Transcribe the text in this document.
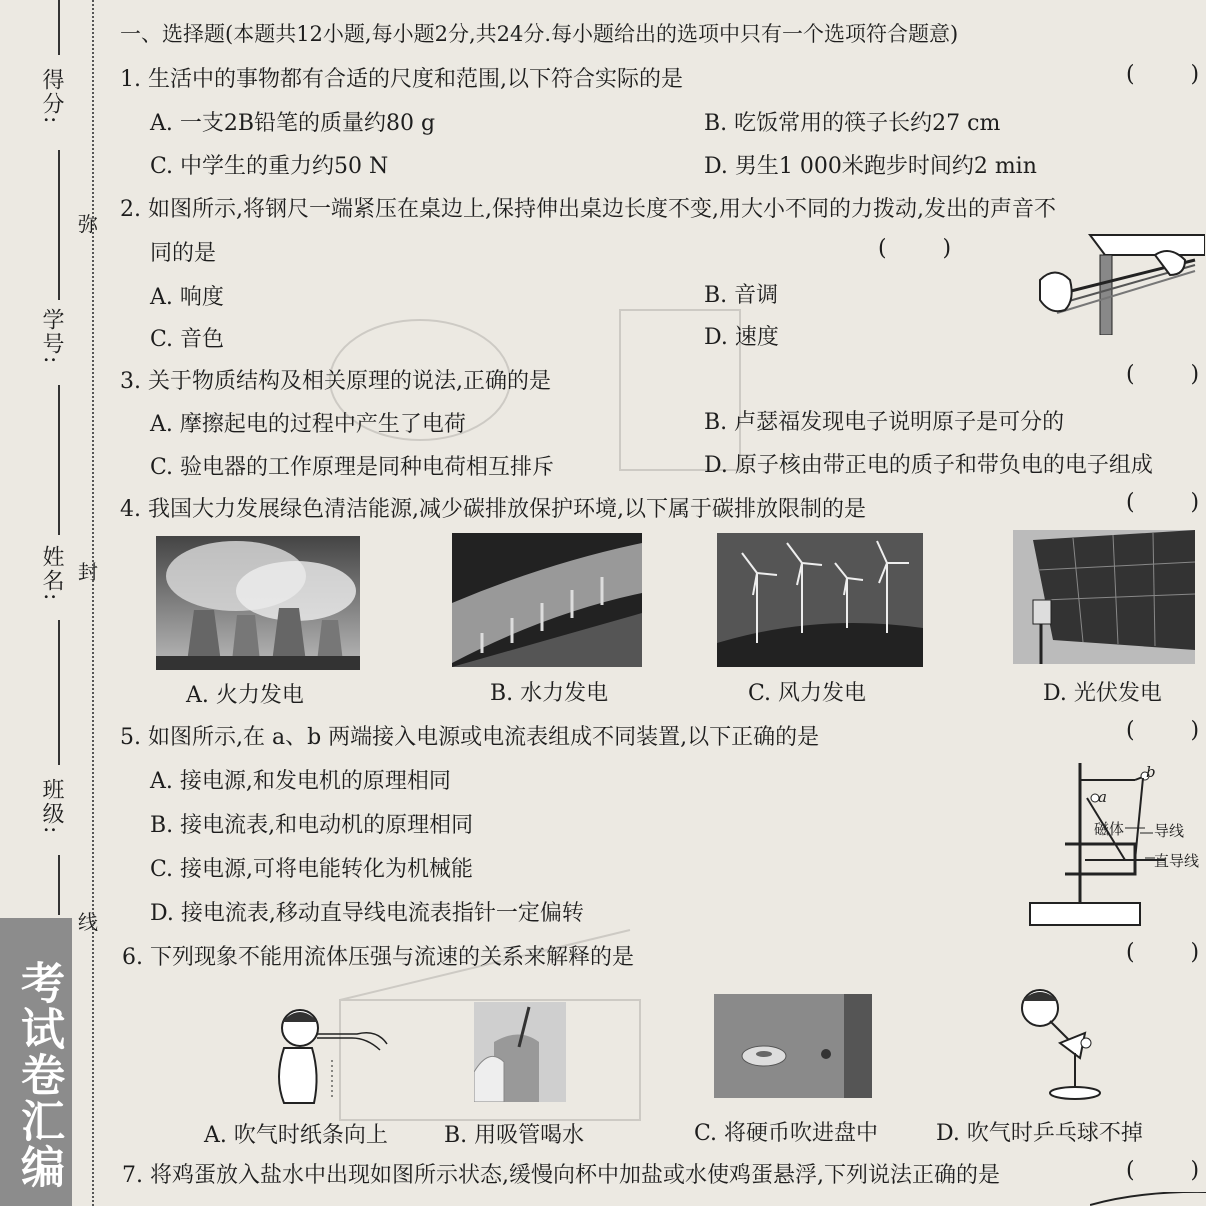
得分:
学号:
姓名:
班级:
弥
封
线
考试卷汇编
一、选择题(本题共12小题,每小题2分,共24分.每小题给出的选项中只有一个选项符合题意)
1. 生活中的事物都有合适的尺度和范围,以下符合实际的是	(        )
A. 一支2B铅笔的质量约80 g	B. 吃饭常用的筷子长约27 cm
C. 中学生的重力约50 N	D. 男生1 000米跑步时间约2 min
2. 如图所示,将钢尺一端紧压在桌边上,保持伸出桌边长度不变,用大小不同的力拨动,发出的声音不
同的是	(        )
A. 响度	B. 音调
C. 音色	D. 速度
3. 关于物质结构及相关原理的说法,正确的是	(        )
A. 摩擦起电的过程中产生了电荷	B. 卢瑟福发现电子说明原子是可分的
C. 验电器的工作原理是同种电荷相互排斥	D. 原子核由带正电的质子和带负电的电子组成
4. 我国大力发展绿色清洁能源,减少碳排放保护环境,以下属于碳排放限制的是	(        )
A. 火力发电	B. 水力发电	C. 风力发电	D. 光伏发电
5. 如图所示,在 a、b 两端接入电源或电流表组成不同装置,以下正确的是	(        )
A. 接电源,和发电机的原理相同
B. 接电流表,和电动机的原理相同
C. 接电源,可将电能转化为机械能
D. 接电流表,移动直导线电流表指针一定偏转
b
a
磁体 导线
直导线
6. 下列现象不能用流体压强与流速的关系来解释的是	(        )
A. 吹气时纸条向上	B. 用吸管喝水	C. 将硬币吹进盘中	D. 吹气时乒乓球不掉
7. 将鸡蛋放入盐水中出现如图所示状态,缓慢向杯中加盐或水使鸡蛋悬浮,下列说法正确的是	(        )
